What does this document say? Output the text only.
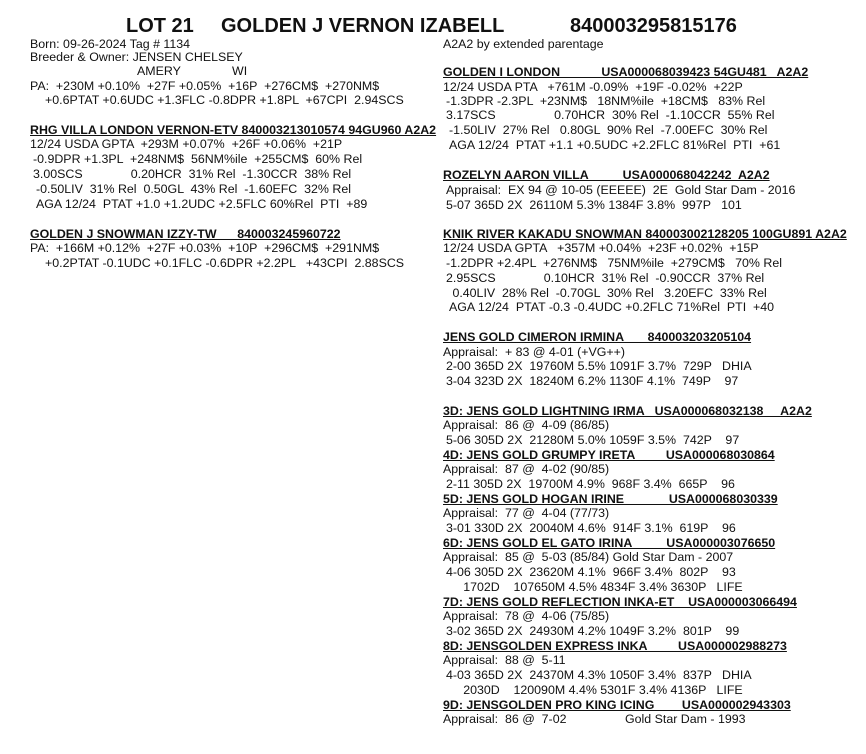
LOT 21 GOLDEN J VERNON IZABELL	840003295815176
Born: 09-26-2024 Tag # 1134
Breeder & Owner: JENSEN CHELSEY
AMERY	WI
PA:  +230M +0.10%  +27F +0.05%  +16P  +276CM$  +270NM$
+0.6PTAT +0.6UDC +1.3FLC -0.8DPR +1.8PL  +67CPI  2.94SCS
A2A2 by extended parentage
RHG VILLA LONDON VERNON-ETV 840003213010574 94GU960 A2A2
12/24 USDA GPTA  +293M +0.07%  +26F +0.06%  +21P
-0.9DPR +1.3PL  +248NM$  56NM%ile  +255CM$  60% Rel
3.00SCS              0.20HCR  31% Rel  -1.30CCR  38% Rel
-0.50LIV  31% Rel  0.50GL  43% Rel  -1.60EFC  32% Rel
AGA 12/24  PTAT +1.0 +1.2UDC +2.5FLC 60%Rel  PTI  +89
GOLDEN J SNOWMAN IZZY-TW      840003245960722
PA:  +166M +0.12%  +27F +0.03%  +10P  +296CM$  +291NM$
+0.2PTAT -0.1UDC +0.1FLC -0.6DPR +2.2PL   +43CPI  2.88SCS
GOLDEN I LONDON            USA000068039423 54GU481   A2A2
12/24 USDA PTA   +761M -0.09%  +19F -0.02%  +22P
-1.3DPR -2.3PL  +23NM$   18NM%ile  +18CM$   83% Rel
3.17SCS                 0.70HCR  30% Rel  -1.10CCR  55% Rel
-1.50LIV  27% Rel   0.80GL  90% Rel  -7.00EFC  30% Rel
AGA 12/24  PTAT +1.1 +0.5UDC +2.2FLC 81%Rel  PTI  +61
ROZELYN AARON VILLA          USA000068042242  A2A2
Appraisal:  EX 94 @ 10-05 (EEEEE)  2E  Gold Star Dam - 2016
5-07 365D 2X  26110M 5.3% 1384F 3.8%  997P   101
KNIK RIVER KAKADU SNOWMAN 840003002128205 100GU891 A2A2
12/24 USDA GPTA   +357M +0.04%  +23F +0.02%  +15P
-1.2DPR +2.4PL  +276NM$   75NM%ile  +279CM$   70% Rel
2.95SCS              0.10HCR  31% Rel  -0.90CCR  37% Rel
0.40LIV  28% Rel  -0.70GL  30% Rel   3.20EFC  33% Rel
AGA 12/24  PTAT -0.3 -0.4UDC +0.2FLC 71%Rel  PTI  +40
JENS GOLD CIMERON IRMINA       840003203205104
Appraisal:  + 83 @ 4-01 (+VG++)
2-00 365D 2X  19760M 5.5% 1091F 3.7%  729P   DHIA
3-04 323D 2X  18240M 6.2% 1130F 4.1%  749P    97
3D: JENS GOLD LIGHTNING IRMA   USA000068032138     A2A2
Appraisal:  86 @  4-09 (86/85)
5-06 305D 2X  21280M 5.0% 1059F 3.5%  742P    97
4D: JENS GOLD GRUMPY IRETA         USA000068030864
Appraisal:  87 @  4-02 (90/85)
2-11 305D 2X  19700M 4.9%  968F 3.4%  665P    96
5D: JENS GOLD HOGAN IRINE             USA000068030339
Appraisal:  77 @  4-04 (77/73)
3-01 330D 2X  20040M 4.6%  914F 3.1%  619P    96
6D: JENS GOLD EL GATO IRINA          USA000003076650
Appraisal:  85 @  5-03 (85/84) Gold Star Dam - 2007
4-06 305D 2X  23620M 4.1%  966F 3.4%  802P    93
1702D    107650M 4.5% 4834F 3.4% 3630P   LIFE
7D: JENS GOLD REFLECTION INKA-ET    USA000003066494
Appraisal:  78 @  4-06 (75/85)
3-02 365D 2X  24930M 4.2% 1049F 3.2%  801P    99
8D: JENSGOLDEN EXPRESS INKA         USA000002988273
Appraisal:  88 @  5-11
4-03 365D 2X  24370M 4.3% 1050F 3.4%  837P   DHIA
2030D    120090M 4.4% 5301F 3.4% 4136P   LIFE
9D: JENSGOLDEN PRO KING ICING        USA000002943303
Appraisal:  86 @  7-02                 Gold Star Dam - 1993
